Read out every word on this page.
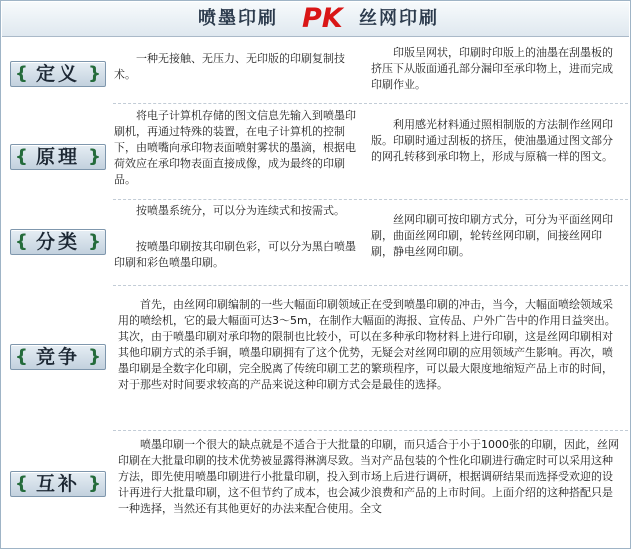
喷墨印刷 PK 丝网印刷
{ 定义 }

一种无接触、无压力、无印版的印刷复制技术。

印版呈网状，印刷时印版上的油墨在刮墨板的挤压下从版面通孔部分漏印至承印物上，进而完成印刷作业。

{ 原理 }

将电子计算机存储的图文信息先输入到喷墨印刷机，再通过特殊的装置，在电子计算机的控制下，由喷嘴向承印物表面喷射雾状的墨滴，根据电荷效应在承印物表面直接成像，成为最终的印刷品。

利用感光材料通过照相制版的方法制作丝网印版。印刷时通过刮板的挤压，使油墨通过图文部分的网孔转移到承印物上，形成与原稿一样的图文。

{ 分类 }

按喷墨系统分，可以分为连续式和按需式。

按喷墨印刷按其印刷色彩，可以分为黑白喷墨印刷和彩色喷墨印刷。

丝网印刷可按印刷方式分，可分为平面丝网印刷，曲面丝网印刷，轮转丝网印刷，间接丝网印刷，静电丝网印刷。

{ 竞争 }

首先，由丝网印刷编制的一些大幅面印刷领域正在受到喷墨印刷的冲击，当今，大幅面喷绘领域采用的喷绘机，它的最大幅面可达3～5m，在制作大幅面的海报、宣传品、户外广告中的作用日益突出。其次，由于喷墨印刷对承印物的限制也比较小，可以在多种承印物材料上进行印刷，这是丝网印刷相对其他印刷方式的杀手锏，喷墨印刷拥有了这个优势，无疑会对丝网印刷的应用领域产生影响。再次，喷墨印刷是全数字化印刷，完全脱离了传统印刷工艺的繁琐程序，可以最大限度地缩短产品上市的时间，对于那些对时间要求较高的产品来说这种印刷方式会是最佳的选择。

{ 互补 }

喷墨印刷一个很大的缺点就是不适合于大批量的印刷，而只适合于小于1000张的印刷，因此，丝网印刷在大批量印刷的技术优势被显露得淋漓尽致。当对产品包装的个性化印刷进行确定时可以采用这种方法，即先使用喷墨印刷进行小批量印刷，投入到市场上后进行调研，根据调研结果而选择受欢迎的设计再进行大批量印刷，这不但节约了成本，也会减少浪费和产品的上市时间。上面介绍的这种搭配只是一种选择，当然还有其他更好的办法来配合使用。全文
